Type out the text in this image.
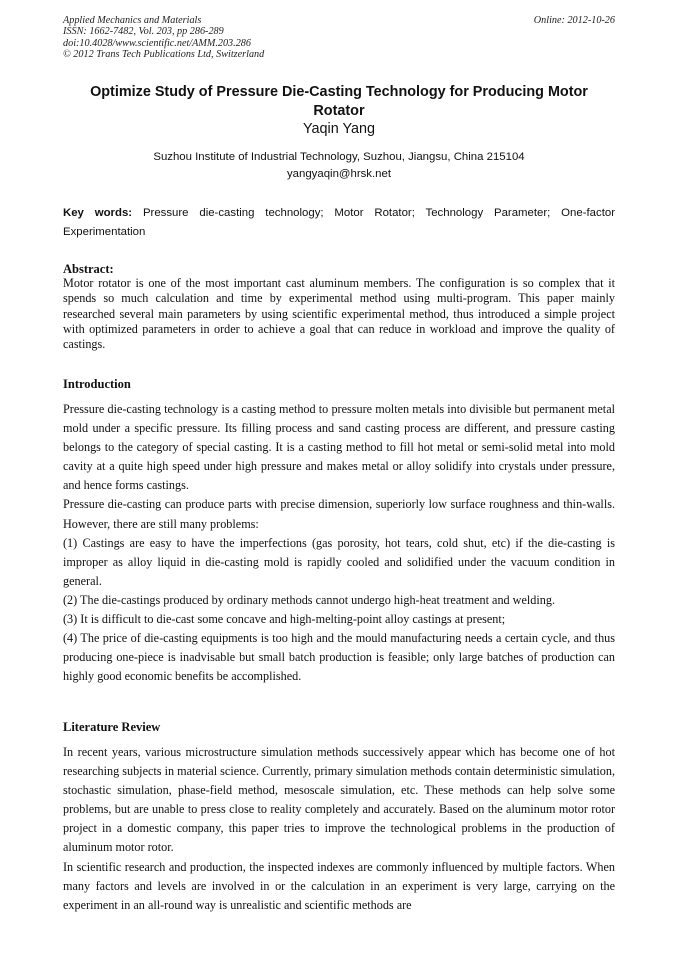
Applied Mechanics and Materials
ISSN: 1662-7482, Vol. 203, pp 286-289
doi:10.4028/www.scientific.net/AMM.203.286
© 2012 Trans Tech Publications Ltd, Switzerland
Online: 2012-10-26
Optimize Study of Pressure Die-Casting Technology for Producing Motor Rotator
Yaqin Yang
Suzhou Institute of Industrial Technology, Suzhou, Jiangsu, China 215104
yangyaqin@hrsk.net
Key words: Pressure die-casting technology; Motor Rotator; Technology Parameter; One-factor Experimentation
Abstract:
Motor rotator is one of the most important cast aluminum members. The configuration is so complex that it spends so much calculation and time by experimental method using multi-program. This paper mainly researched several main parameters by using scientific experimental method, thus introduced a simple project with optimized parameters in order to achieve a goal that can reduce in workload and improve the quality of castings.
Introduction

Pressure die-casting technology is a casting method to pressure molten metals into divisible but permanent metal mold under a specific pressure. Its filling process and sand casting process are different, and pressure casting belongs to the category of special casting. It is a casting method to fill hot metal or semi-solid metal into mold cavity at a quite high speed under high pressure and makes metal or alloy solidify into crystals under pressure, and hence forms castings.

Pressure die-casting can produce parts with precise dimension, superiorly low surface roughness and thin-walls. However, there are still many problems:

(1) Castings are easy to have the imperfections (gas porosity, hot tears, cold shut, etc) if the die-casting is improper as alloy liquid in die-casting mold is rapidly cooled and solidified under the vacuum condition in general.

(2) The die-castings produced by ordinary methods cannot undergo high-heat treatment and welding.

(3) It is difficult to die-cast some concave and high-melting-point alloy castings at present;

(4) The price of die-casting equipments is too high and the mould manufacturing needs a certain cycle, and thus producing one-piece is inadvisable but small batch production is feasible; only large batches of production can highly good economic benefits be accomplished.

Literature Review

In recent years, various microstructure simulation methods successively appear which has become one of hot researching subjects in material science. Currently, primary simulation methods contain deterministic simulation, stochastic simulation, phase-field method, mesoscale simulation, etc. These methods can help solve some problems, but are unable to press close to reality completely and accurately. Based on the aluminum motor rotor project in a domestic company, this paper tries to improve the technological problems in the production of aluminum motor rotor.

In scientific research and production, the inspected indexes are commonly influenced by multiple factors. When many factors and levels are involved in or the calculation in an experiment is very large, carrying on the experiment in an all-round way is unrealistic and scientific methods are
